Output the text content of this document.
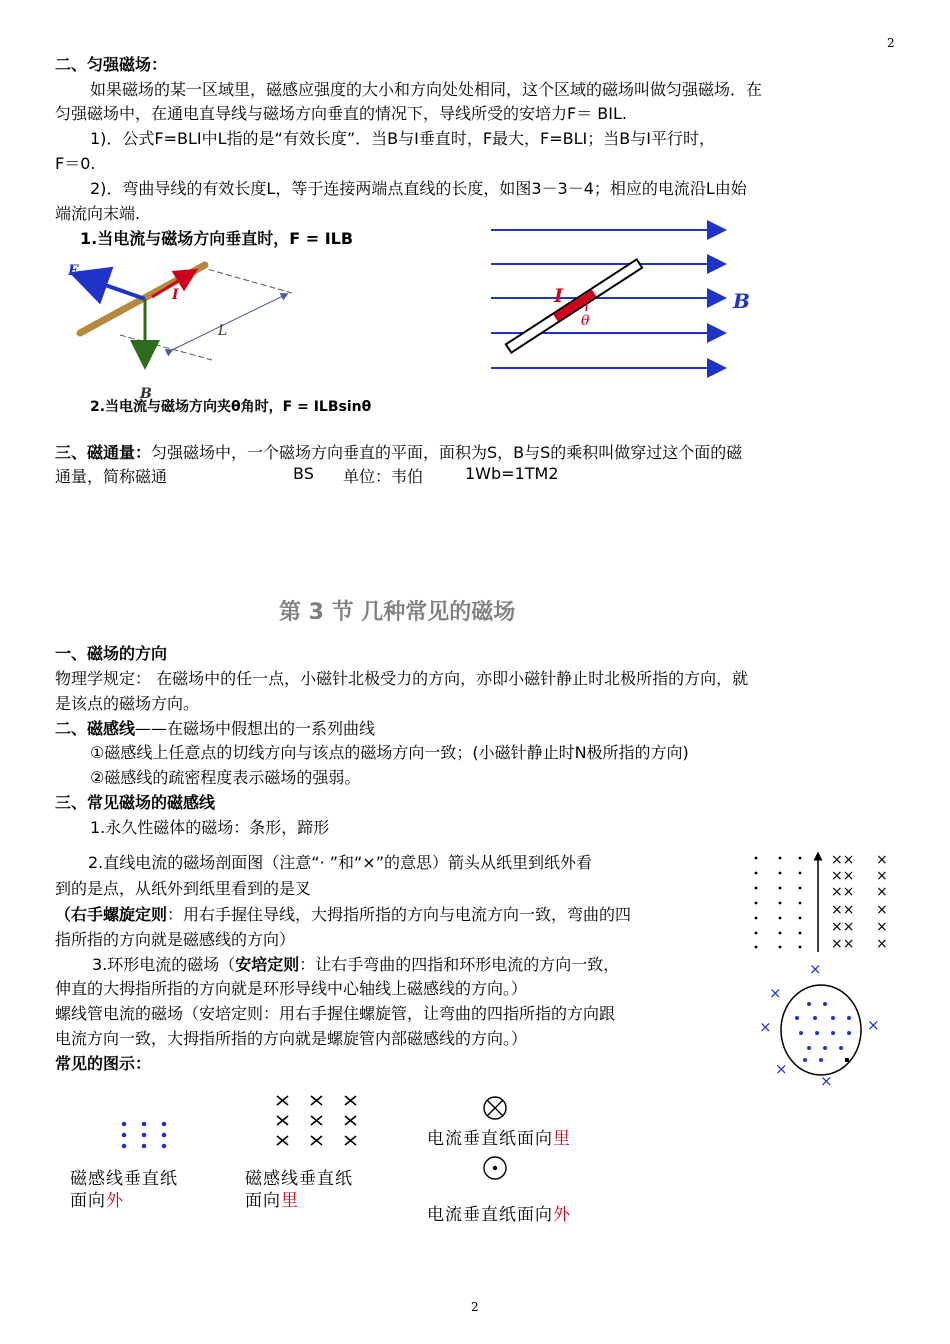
2
二、匀强磁场：
如果磁场的某一区域里，磁感应强度的大小和方向处处相同，这个区域的磁场叫做匀强磁场．在
匀强磁场中，在通电直导线与磁场方向垂直的情况下，导线所受的安培力F＝ BIL.
1)．公式F=BLI中L指的是“有效长度”．当B与I垂直时，F最大，F=BLI；当B与I平行时，
F＝0.
2)．弯曲导线的有效长度L，等于连接两端点直线的长度，如图3－3－4；相应的电流沿L由始
端流向末端.
1.当电流与磁场方向垂直时，F = ILB
F
I
L
B
I
θ
B
2.当电流与磁场方向夹θ角时，F = ILBsinθ
三、磁通量：匀强磁场中，一个磁场方向垂直的平面，面积为S，B与S的乘积叫做穿过这个面的磁
通量，简称磁通	BS 单位：韦伯	1Wb=1TM2
第 3 节 几种常见的磁场
一、磁场的方向
物理学规定： 在磁场中的任一点，小磁针北极受力的方向，亦即小磁针静止时北极所指的方向，就
是该点的磁场方向。
二、磁感线——在磁场中假想出的一系列曲线
①磁感线上任意点的切线方向与该点的磁场方向一致；(小磁针静止时N极所指的方向)
②磁感线的疏密程度表示磁场的强弱。
三、常见磁场的磁感线
1.永久性磁体的磁场：条形，蹄形
2.直线电流的磁场剖面图（注意“· ”和“×”的意思）箭头从纸里到纸外看
到的是点，从纸外到纸里看到的是叉
（右手螺旋定则：用右手握住导线，大拇指所指的方向与电流方向一致，弯曲的四
指所指的方向就是磁感线的方向）
3.环形电流的磁场（安培定则：让右手弯曲的四指和环形电流的方向一致，
伸直的大拇指所指的方向就是环形导线中心轴线上磁感线的方向。）
螺线管电流的磁场（安培定则：用右手握住螺旋管，让弯曲的四指所指的方向跟
电流方向一致，大拇指所指的方向就是螺旋管内部磁感线的方向。）
常见的图示：
×× ×
×× ×
×× ×
×× ×
×× ×
×× ×
×
×
×	×
×
×
磁感线垂直纸
面向外
磁感线垂直纸
面向里
电流垂直纸面向里
电流垂直纸面向外
2
